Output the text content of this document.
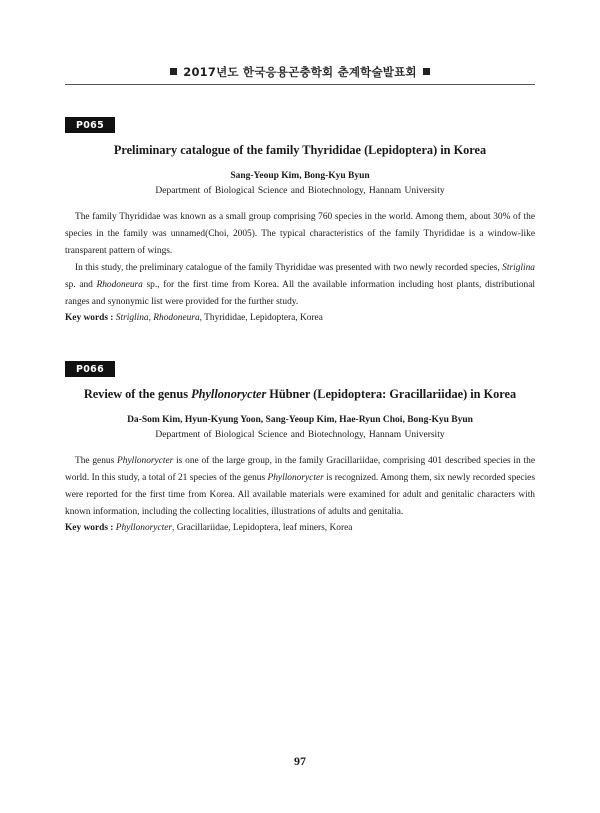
2017년도 한국응용곤충학회 춘계학술발표회
P065
Preliminary catalogue of the family Thyrididae (Lepidoptera) in Korea
Sang-Yeoup Kim, Bong-Kyu Byun
Department of Biological Science and Biotechnology, Hannam University

The family Thyrididae was known as a small group comprising 760 species in the world. Among them, about 30% of the species in the family was unnamed(Choi, 2005). The typical characteristics of the family Thyrididae is a window-like transparent pattern of wings.

In this study, the preliminary catalogue of the family Thyrididae was presented with two newly recorded species, Striglina sp. and Rhodoneura sp., for the first time from Korea. All the available information including host plants, distributional ranges and synonymic list were provided for the further study.

Key words : Striglina, Rhodoneura, Thyrididae, Lepidoptera, Korea
P066
Review of the genus Phyllonorycter Hübner (Lepidoptera: Gracillariidae) in Korea
Da-Som Kim, Hyun-Kyung Yoon, Sang-Yeoup Kim, Hae-Ryun Choi, Bong-Kyu Byun
Department of Biological Science and Biotechnology, Hannam University

The genus Phyllonorycter is one of the large group, in the family Gracillariidae, comprising 401 described species in the world. In this study, a total of 21 species of the genus Phyllonorycter is recognized. Among them, six newly recorded species were reported for the first time from Korea. All available materials were examined for adult and genitalic characters with known information, including the collecting localities, illustrations of adults and genitalia.

Key words : Phyllonorycter, Gracillariidae, Lepidoptera, leaf miners, Korea
97
